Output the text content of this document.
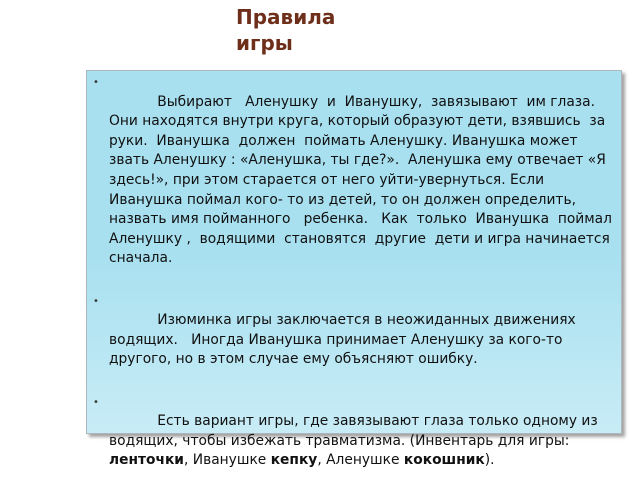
Правила
игры

•
Выбирают   Аленушку  и  Иванушку,  завязывают  им глаза.  Они находятся внутри круга, который образуют дети, взявшись  за  руки.  Иванушка  должен  поймать Аленушку. Иванушка может звать Аленушку : «Аленушка, ты где?».  Аленушка ему отвечает «Я здесь!», при этом старается от него уйти-увернуться. Если Иванушка поймал кого- то из детей, то он должен определить, назвать имя пойманного   ребенка.   Как  только  Иванушка  поймал Аленушку ,  водящими  становятся  другие  дети и игра начинается сначала.

•
Изюминка игры заключается в неожиданных движениях водящих.   Иногда Иванушка принимает Аленушку за кого-то другого, но в этом случае ему объясняют ошибку.

•
Есть вариант игры, где завязывают глаза только одному из водящих, чтобы избежать травматизма. (Инвентарь для игры: ленточки, Иванушке кепку, Аленушке кокошник).
